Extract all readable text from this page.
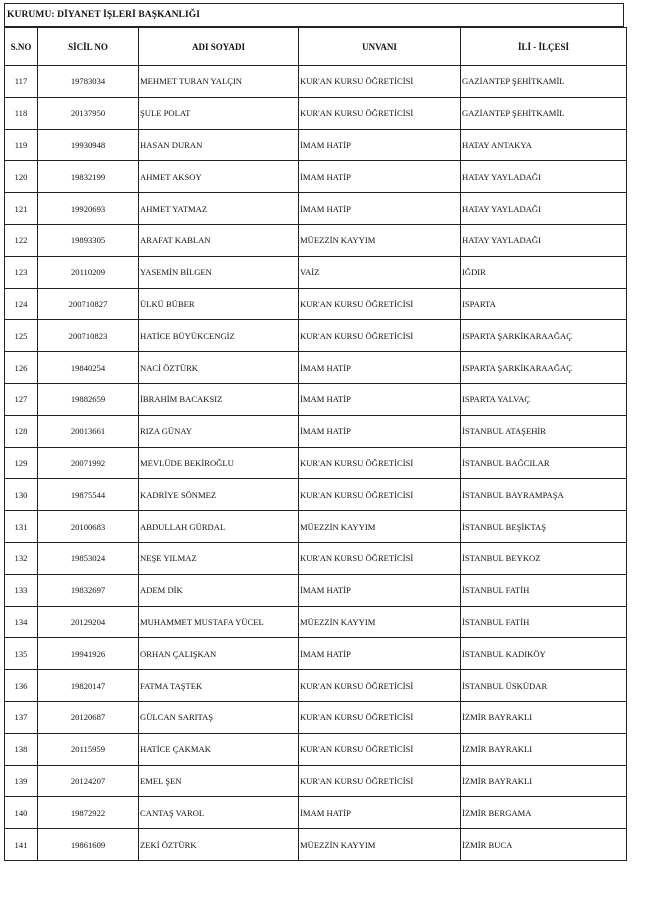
KURUMU: DİYANET İŞLERİ BAŞKANLIĞI
S.NO	SİCİL NO	ADI SOYADI	UNVANI	İLİ - İLÇESİ
117	19783034	MEHMET TURAN YALÇIN	KUR'AN KURSU ÖĞRETİCİSİ	GAZİANTEP ŞEHİTKAMİL
118	20137950	ŞULE POLAT	KUR'AN KURSU ÖĞRETİCİSİ	GAZİANTEP ŞEHİTKAMİL
119	19930948	HASAN DURAN	İMAM HATİP	HATAY ANTAKYA
120	19832199	AHMET AKSOY	İMAM HATİP	HATAY YAYLADAĞI
121	19920693	AHMET YATMAZ	İMAM HATİP	HATAY YAYLADAĞI
122	19893305	ARAFAT KABLAN	MÜEZZİN KAYYIM	HATAY YAYLADAĞI
123	20110209	YASEMİN BİLGEN	VAİZ	IĞDIR
124	200710827	ÜLKÜ BÜBER	KUR'AN KURSU ÖĞRETİCİSİ	ISPARTA
125	200710823	HATİCE BÜYÜKCENGİZ	KUR'AN KURSU ÖĞRETİCİSİ	ISPARTA ŞARKİKARAAĞAÇ
126	19840254	NACİ ÖZTÜRK	İMAM HATİP	ISPARTA ŞARKİKARAAĞAÇ
127	19882659	İBRAHİM BACAKSIZ	İMAM HATİP	ISPARTA YALVAÇ
128	20013661	RIZA GÜNAY	İMAM HATİP	İSTANBUL ATAŞEHİR
129	20071992	MEVLÜDE BEKİROĞLU	KUR'AN KURSU ÖĞRETİCİSİ	İSTANBUL BAĞCILAR
130	19875544	KADRİYE SÖNMEZ	KUR'AN KURSU ÖĞRETİCİSİ	İSTANBUL BAYRAMPAŞA
131	20100683	ABDULLAH GÜRDAL	MÜEZZİN KAYYIM	İSTANBUL BEŞİKTAŞ
132	19853024	NEŞE YILMAZ	KUR'AN KURSU ÖĞRETİCİSİ	İSTANBUL BEYKOZ
133	19832697	ADEM DİK	İMAM HATİP	İSTANBUL FATİH
134	20129204	MUHAMMET MUSTAFA YÜCEL	MÜEZZİN KAYYIM	İSTANBUL FATİH
135	19941926	ORHAN ÇALIŞKAN	İMAM HATİP	İSTANBUL KADIKÖY
136	19820147	FATMA TAŞTEK	KUR'AN KURSU ÖĞRETİCİSİ	İSTANBUL ÜSKÜDAR
137	20120687	GÜLCAN SARITAŞ	KUR'AN KURSU ÖĞRETİCİSİ	İZMİR BAYRAKLI
138	20115959	HATİCE ÇAKMAK	KUR'AN KURSU ÖĞRETİCİSİ	İZMİR BAYRAKLI
139	20124207	EMEL ŞEN	KUR'AN KURSU ÖĞRETİCİSİ	İZMİR BAYRAKLI
140	19872922	CANTAŞ VAROL	İMAM HATİP	İZMİR BERGAMA
141	19861609	ZEKİ ÖZTÜRK	MÜEZZİN KAYYIM	İZMİR BUCA
